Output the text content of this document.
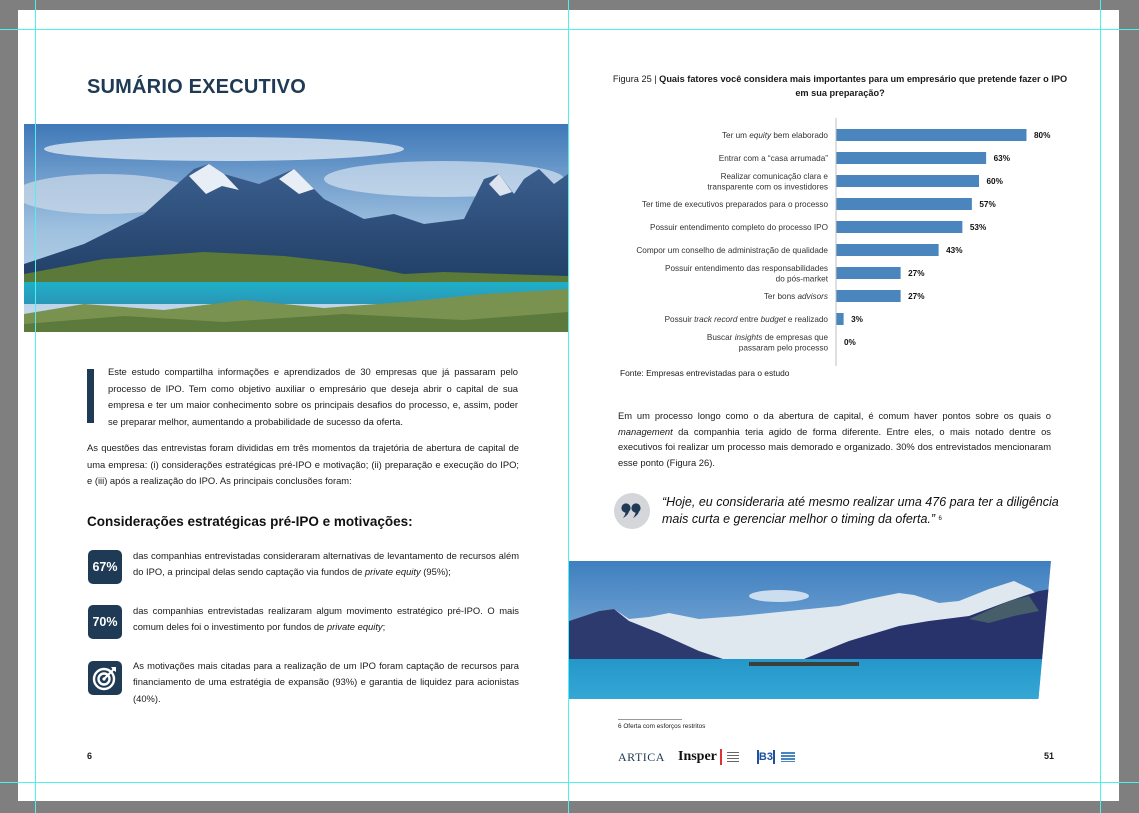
SUMÁRIO EXECUTIVO
Este estudo compartilha informações e aprendizados de 30 empresas que já passaram pelo processo de IPO. Tem como objetivo auxiliar o empresário que deseja abrir o capital de sua empresa e ter um maior conhecimento sobre os principais desafios do processo, e, assim, poder se preparar melhor, aumentando a probabilidade de sucesso da oferta.
As questões das entrevistas foram divididas em três momentos da trajetória de abertura de capital de uma empresa: (i) considerações estratégicas pré-IPO e motivação; (ii) preparação e execução do IPO; e (iii) após a realização do IPO. As principais conclusões foram:
Considerações estratégicas pré-IPO e motivações:
67%
das companhias entrevistadas consideraram alternativas de levantamento de recursos além do IPO, a principal delas sendo captação via fundos de private equity (95%);
70%
das companhias entrevistadas realizaram algum movimento estratégico pré-IPO. O mais comum deles foi o investimento por fundos de private equity;
As motivações mais citadas para a realização de um IPO foram captação de recursos para financiamento de uma estratégia de expansão (93%) e garantia de liquidez para acionistas (40%).
6
Figura 25 | Quais fatores você considera mais importantes para um empresário que pretende fazer o IPO em sua preparação?
80%
Ter um equity bem elaborado
63%
Entrar com a “casa arrumada”
60%
Realizar comunicação clara e
transparente com os investidores
57%
Ter time de executivos preparados para o processo
53%
Possuir entendimento completo do processo IPO
43%
Compor um conselho de administração de qualidade
27%
Possuir entendimento das responsabilidades
do pós-market
27%
Ter bons advisors
3%
Possuir track record entre budget e realizado
0%
Buscar insights de empresas que
passaram pelo processo
Fonte: Empresas entrevistadas para o estudo
Em um processo longo como o da abertura de capital, é comum haver pontos sobre os quais o management da companhia teria agido de forma diferente. Entre eles, o mais notado dentre os executivos foi realizar um processo mais demorado e organizado. 30% dos entrevistados mencionaram esse ponto (Figura 26).
“Hoje, eu consideraria até mesmo realizar uma 476 para ter a diligência mais curta e gerenciar melhor o timing da oferta.” $^6$
6 Oferta com esforços restritos
ARTICA Insper	B3	51
